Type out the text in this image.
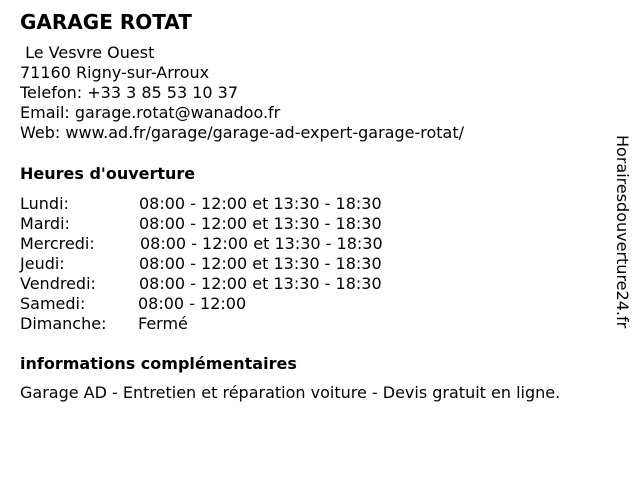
GARAGE ROTAT
Le Vesvre Ouest
71160 Rigny-sur-Arroux
Telefon: +33 3 85 53 10 37
Email: garage.rotat@wanadoo.fr
Web: www.ad.fr/garage/garage-ad-expert-garage-rotat/
Heures d'ouverture
Lundi:	08:00 - 12:00 et 13:30 - 18:30
Mardi:	08:00 - 12:00 et 13:30 - 18:30
Mercredi:	08:00 - 12:00 et 13:30 - 18:30
Jeudi:	08:00 - 12:00 et 13:30 - 18:30
Vendredi:	08:00 - 12:00 et 13:30 - 18:30
Samedi:	08:00 - 12:00
Dimanche: Fermé
informations complémentaires
Garage AD - Entretien et réparation voiture - Devis gratuit en ligne.
Horairesdouverture24.fr
